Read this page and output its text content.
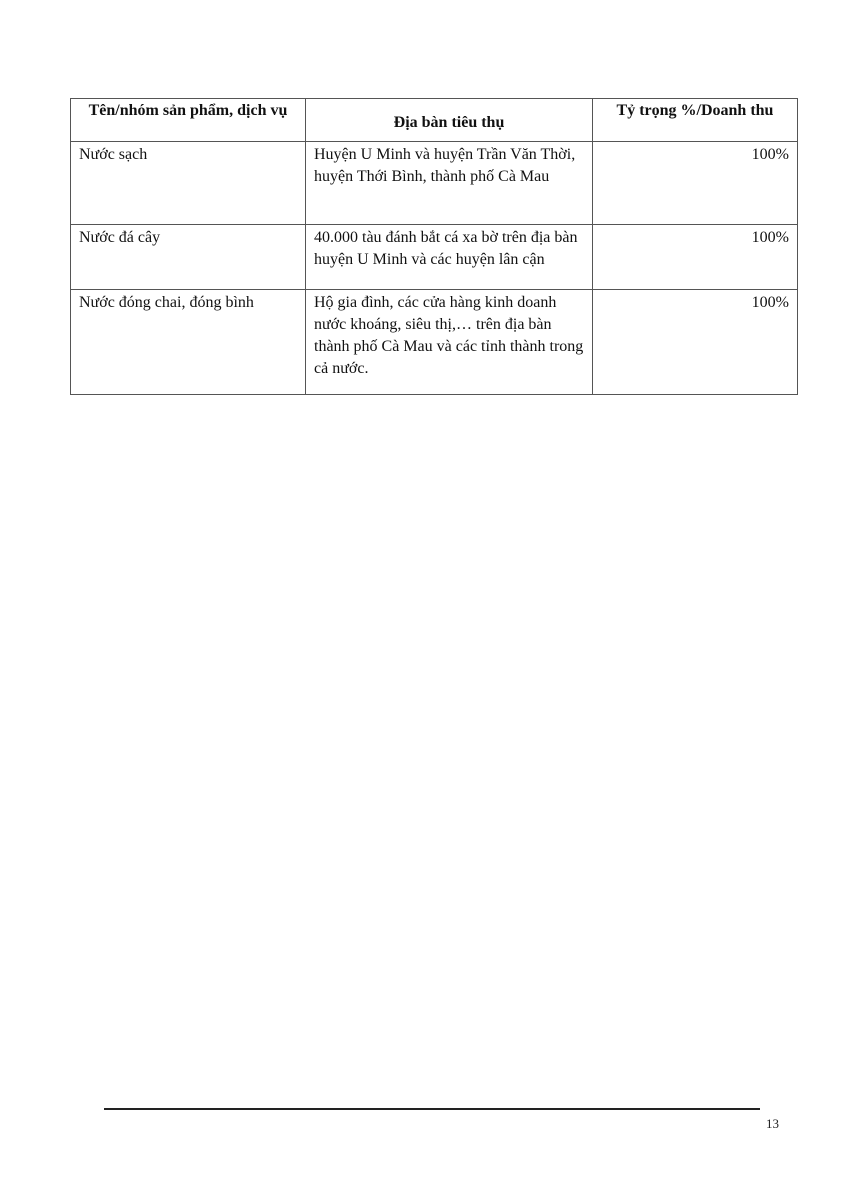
Tên/nhóm sản phẩm, dịch vụ	Địa bàn tiêu thụ	Tỷ trọng %/Doanh thu
Nước sạch	Huyện U Minh và huyện Trần Văn Thời, huyện Thới Bình, thành phố Cà Mau	100%
Nước đá cây	40.000 tàu đánh bắt cá xa bờ trên địa bàn huyện U Minh và các huyện lân cận	100%
Nước đóng chai, đóng bình	Hộ gia đình, các cửa hàng kinh doanh nước khoáng, siêu thị,… trên địa bàn thành phố Cà Mau và các tỉnh thành trong cả nước.	100%
13
